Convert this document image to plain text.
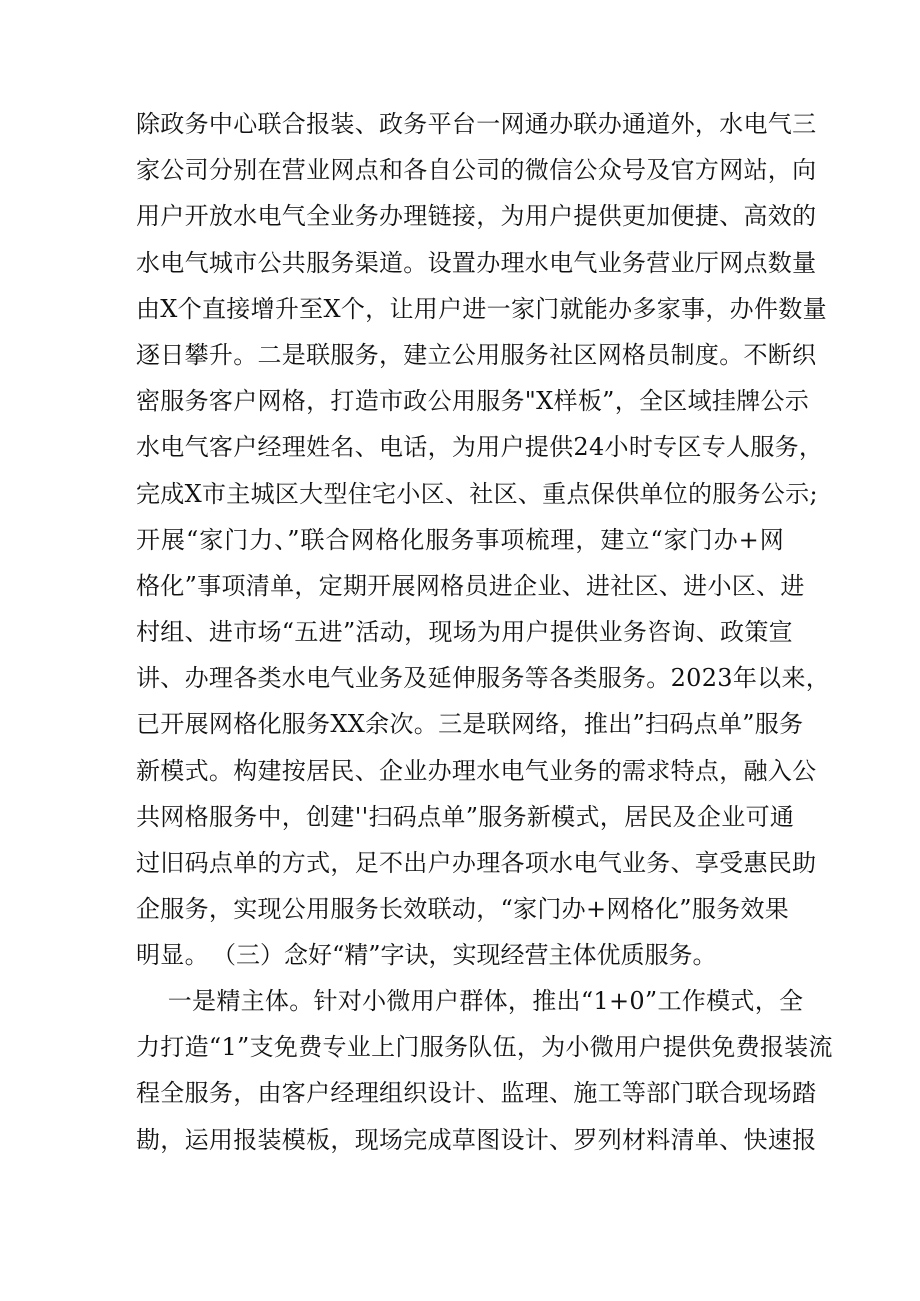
除政务中心联合报装、政务平台一网通办联办通道外，水电气三
家公司分别在营业网点和各自公司的微信公众号及官方网站，向
用户开放水电气全业务办理链接，为用户提供更加便捷、高效的
水电气城市公共服务渠道。设置办理水电气业务营业厅网点数量
由X个直接增升至X个，让用户进一家门就能办多家事，办件数量
逐日攀升。二是联服务，建立公用服务社区网格员制度。不断织
密服务客户网格，打造市政公用服务"X样板”，全区域挂牌公示
水电气客户经理姓名、电话，为用户提供24小时专区专人服务，
完成X市主城区大型住宅小区、社区、重点保供单位的服务公示;
开展“家门力、”联合网格化服务事项梳理，建立“家门办+网
格化”事项清单，定期开展网格员进企业、进社区、进小区、进
村组、进市场“五进”活动，现场为用户提供业务咨询、政策宣
讲、办理各类水电气业务及延伸服务等各类服务。2023年以来，
已开展网格化服务XX余次。三是联网络，推出”扫码点单”服务
新模式。构建按居民、企业办理水电气业务的需求特点，融入公
共网格服务中，创建''扫码点单”服务新模式，居民及企业可通
过旧码点单的方式，足不出户办理各项水电气业务、享受惠民助
企服务，实现公用服务长效联动，“家门办+网格化”服务效果
明显。 （三）念好“精”字诀，实现经营主体优质服务。
一是精主体。针对小微用户群体，推出“1+0”工作模式，全
力打造“1”支免费专业上门服务队伍，为小微用户提供免费报装流
程全服务，由客户经理组织设计、监理、施工等部门联合现场踏
勘，运用报装模板，现场完成草图设计、罗列材料清单、快速报
